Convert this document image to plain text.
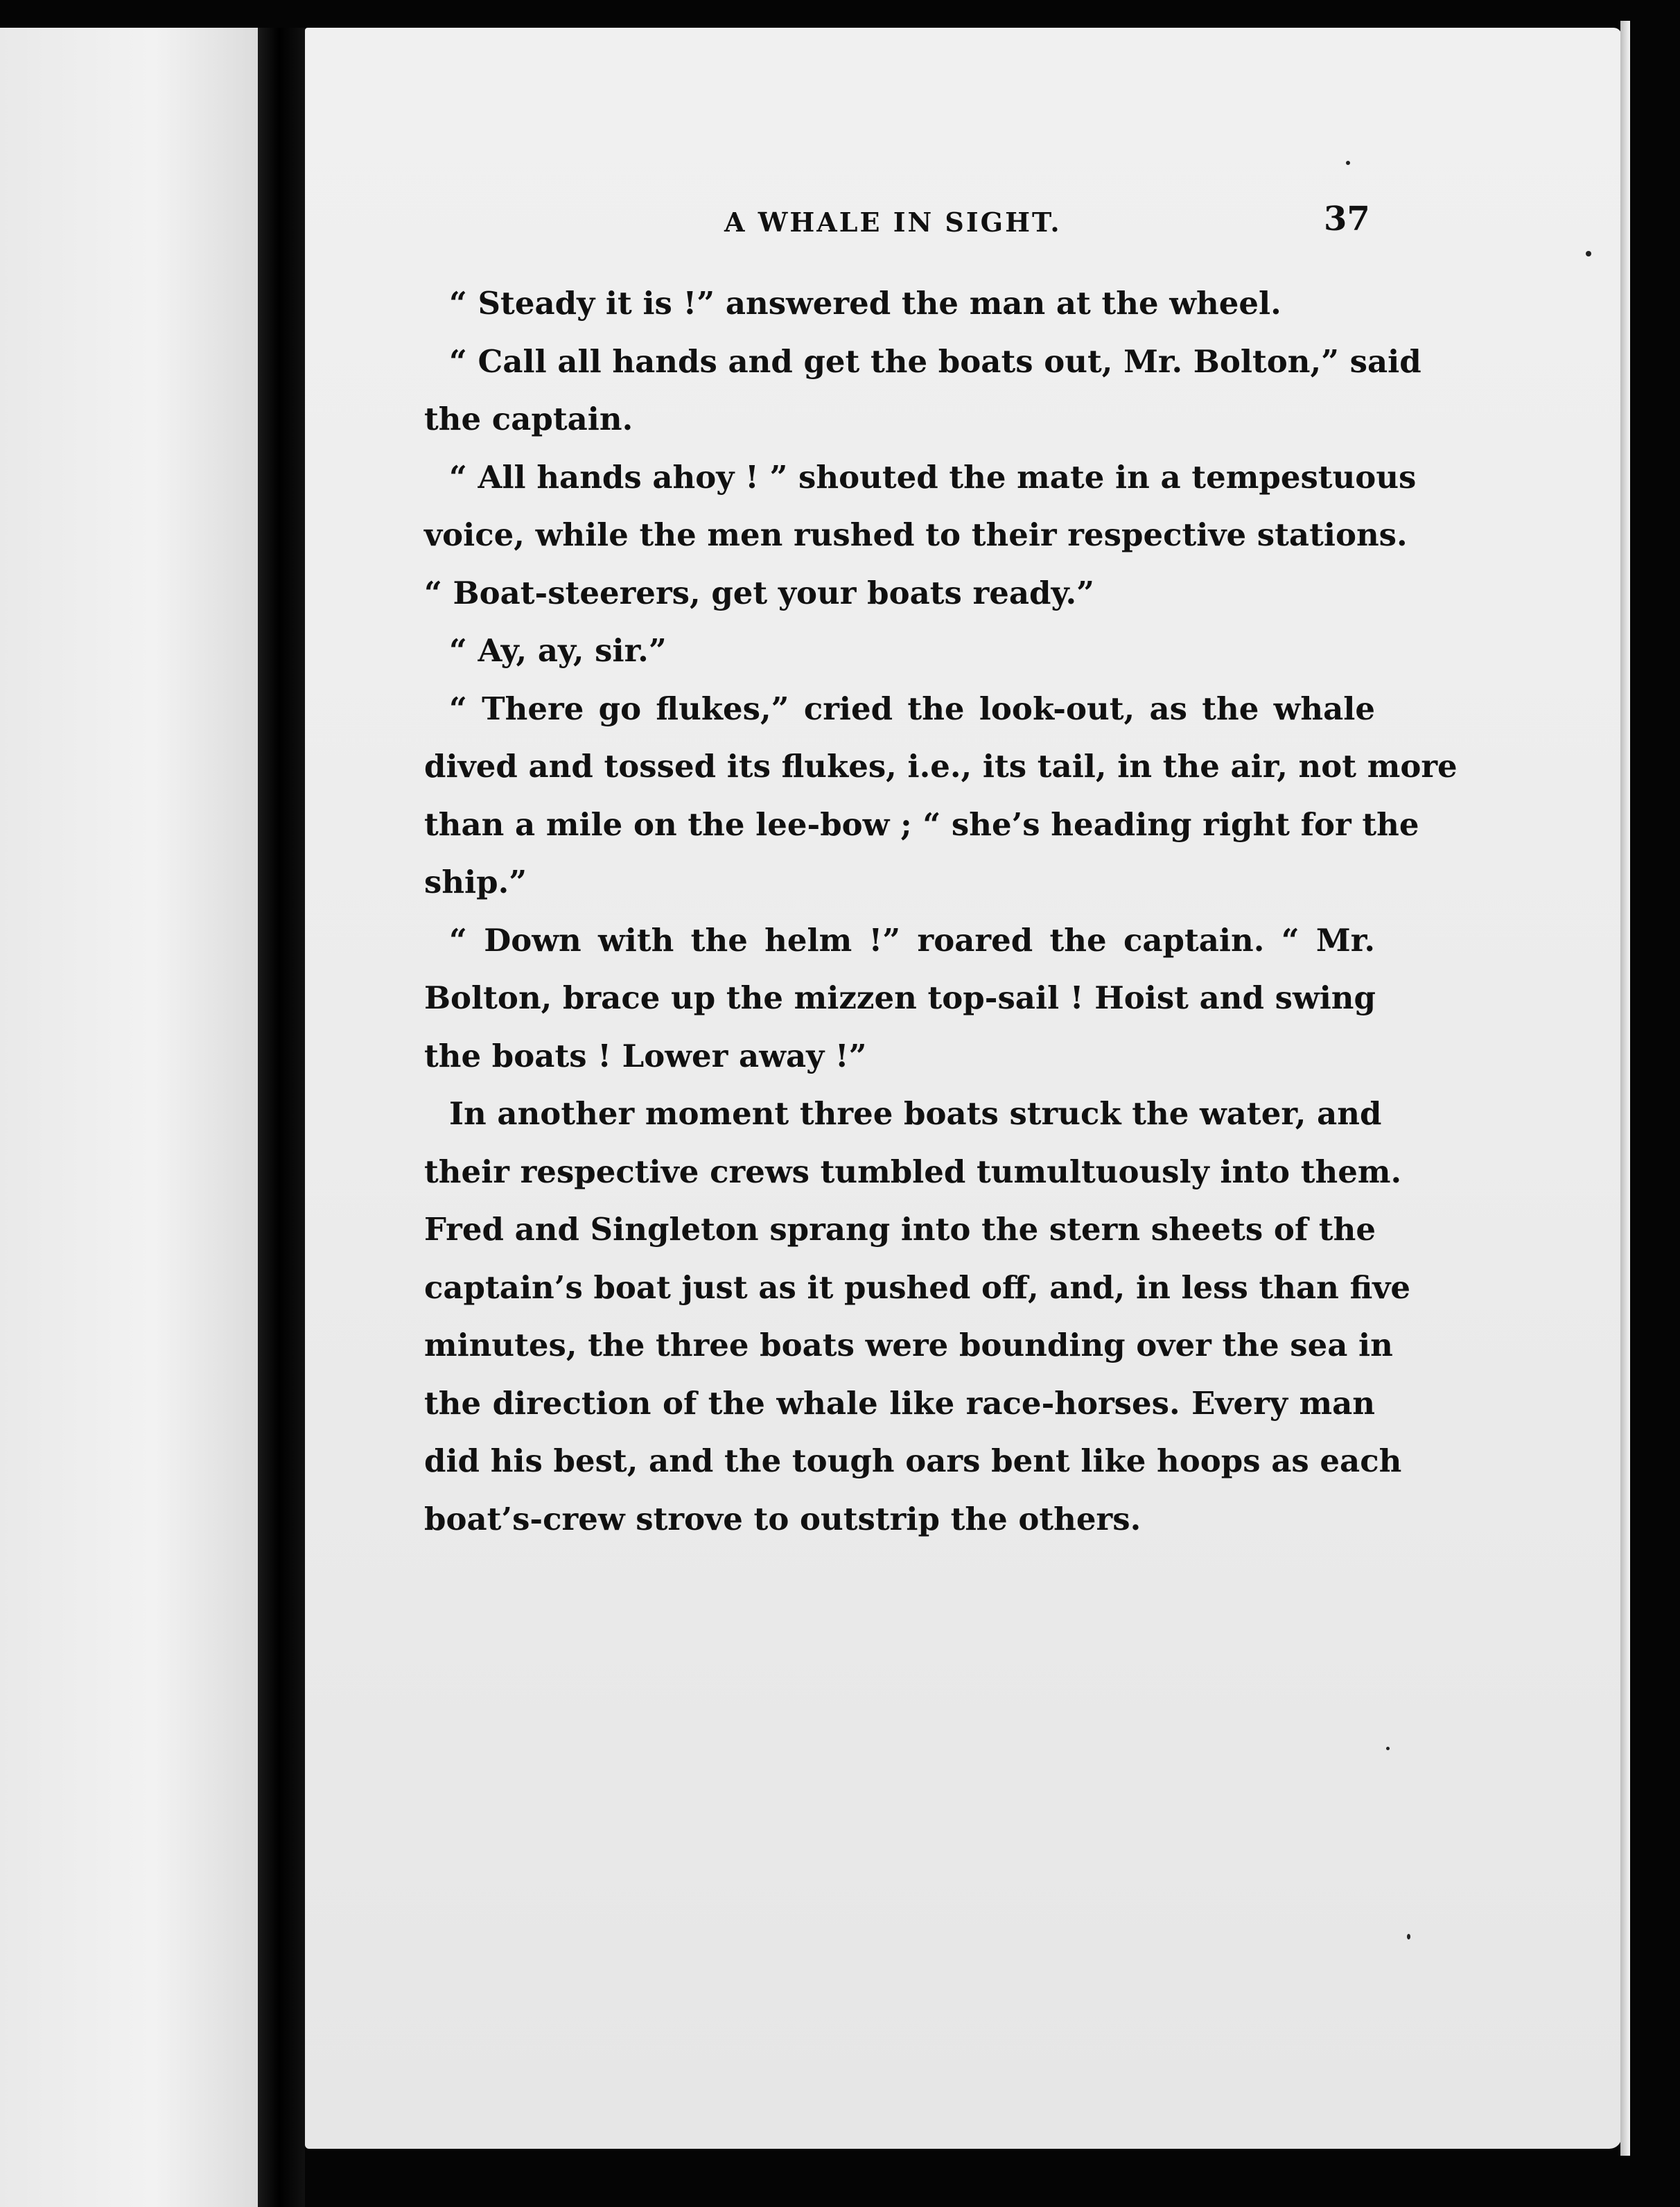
A WHALE IN SIGHT.	37
“ Steady it is !” answered the man at the wheel.
“ Call all hands and get the boats out, Mr. Bolton,” said
the captain.
“ All hands ahoy ! ” shouted the mate in a tempestuous
voice, while the men rushed to their respective stations.
“ Boat-steerers, get your boats ready.”
“ Ay, ay, sir.”
“ There go flukes,” cried the look-out, as the whale
dived and tossed its flukes, i.e., its tail, in the air, not more
than a mile on the lee-bow ; “ she’s heading right for the
ship.”
“ Down with the helm !” roared the captain. “ Mr.
Bolton, brace up the mizzen top-sail ! Hoist and swing
the boats ! Lower away !”
In another moment three boats struck the water, and
their respective crews tumbled tumultuously into them.
Fred and Singleton sprang into the stern sheets of the
captain’s boat just as it pushed off, and, in less than five
minutes, the three boats were bounding over the sea in
the direction of the whale like race-horses. Every man
did his best, and the tough oars bent like hoops as each
boat’s-crew strove to outstrip the others.
